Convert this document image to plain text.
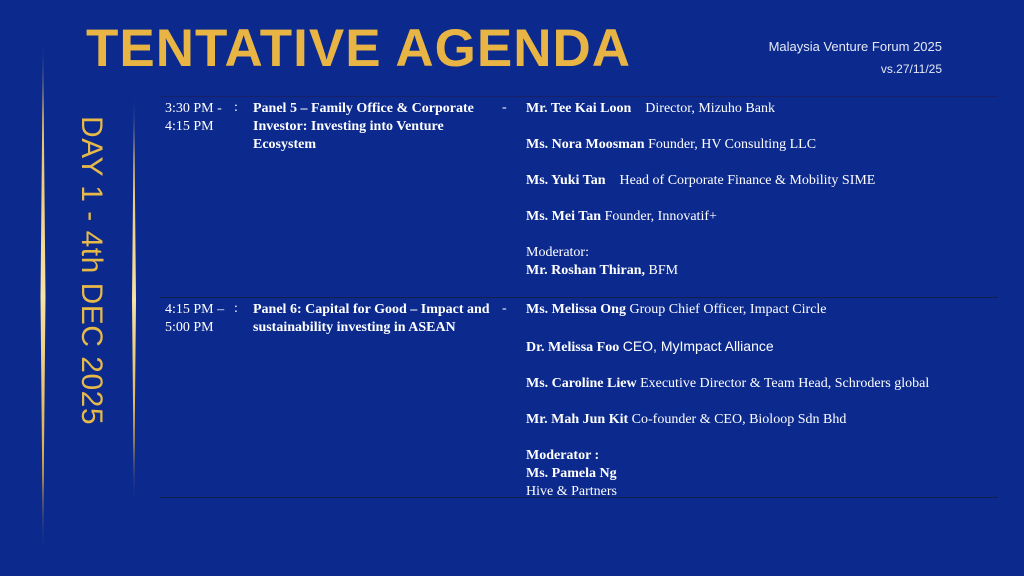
TENTATIVE AGENDA	Malaysia Venture Forum 2025
vs.27/11/25
DAY 1 - 4th DEC 2025
3:30 PM - 4:15 PM
: Panel 5 – Family Office & Corporate Investor: Investing into Venture Ecosystem
- Mr. Tee Kai Loon Director, Mizuho Bank
Ms. Nora Moosman Founder, HV Consulting LLC
Ms. Yuki Tan Head of Corporate Finance & Mobility SIME
Ms. Mei Tan Founder, Innovatif+
Moderator:
Mr. Roshan Thiran, BFM
4:15 PM – 5:00 PM
: Panel 6: Capital for Good – Impact and sustainability investing in ASEAN
- Ms. Melissa Ong Group Chief Officer, Impact Circle
Dr. Melissa Foo CEO, MyImpact Alliance
Ms. Caroline Liew Executive Director & Team Head, Schroders global
Mr. Mah Jun Kit Co-founder & CEO, Bioloop Sdn Bhd
Moderator :
Ms. Pamela Ng
Hive & Partners
